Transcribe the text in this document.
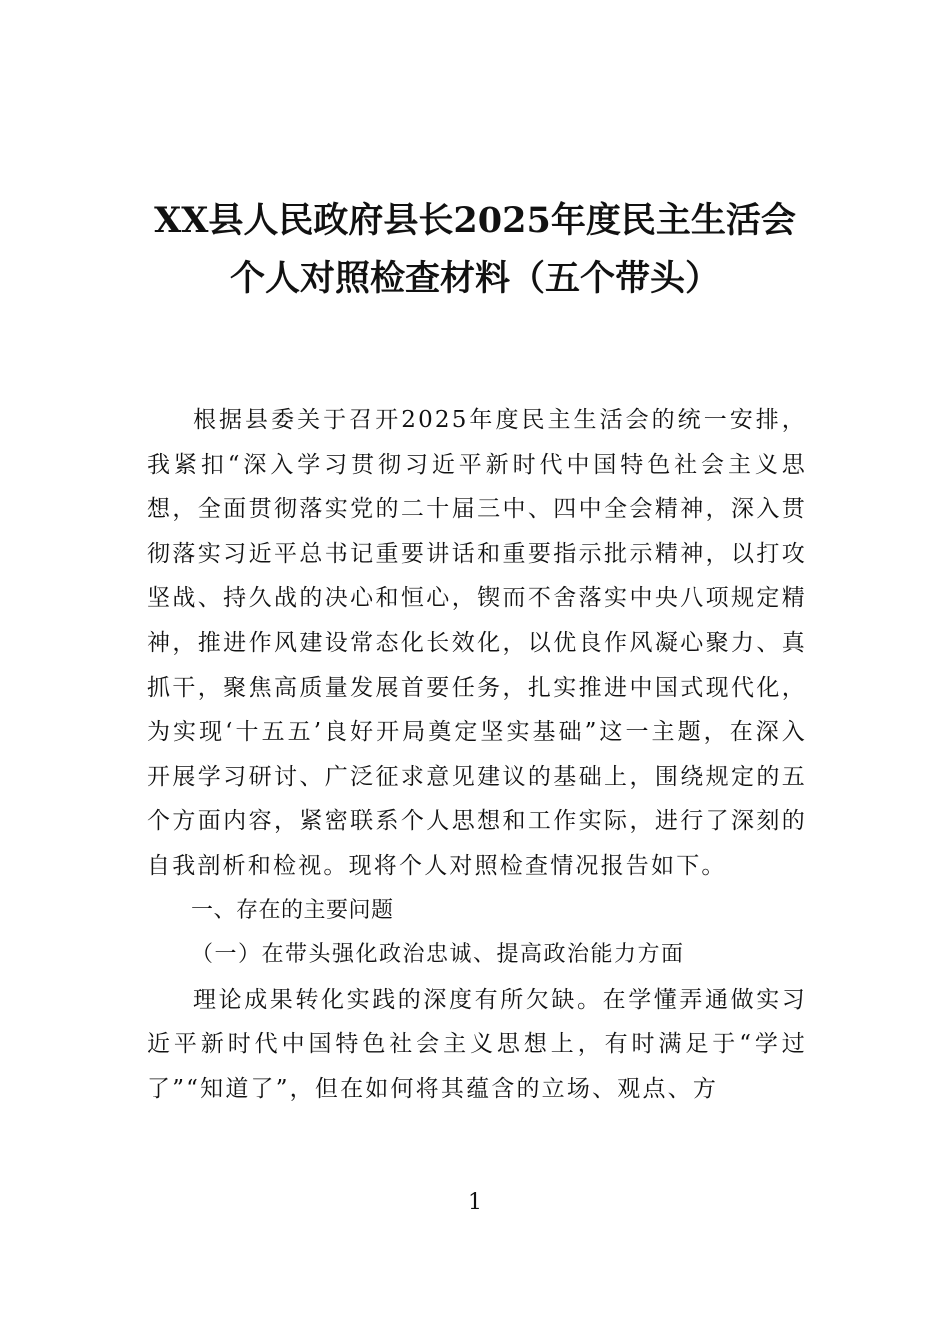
XX县人民政府县长2025年度民主生活会
个人对照检查材料（五个带头）

根据县委关于召开2025年度民主生活会的统一安排，我紧扣“深入学习贯彻习近平新时代中国特色社会主义思想，全面贯彻落实党的二十届三中、四中全会精神，深入贯彻落实习近平总书记重要讲话和重要指示批示精神，以打攻坚战、持久战的决心和恒心，锲而不舍落实中央八项规定精神，推进作风建设常态化长效化，以优良作风凝心聚力、真抓干，聚焦高质量发展首要任务，扎实推进中国式现代化，为实现‘十五五’良好开局奠定坚实基础”这一主题，在深入开展学习研讨、广泛征求意见建议的基础上，围绕规定的五个方面内容，紧密联系个人思想和工作实际，进行了深刻的自我剖析和检视。现将个人对照检查情况报告如下。

一、存在的主要问题

（一）在带头强化政治忠诚、提高政治能力方面

理论成果转化实践的深度有所欠缺。在学懂弄通做实习近平新时代中国特色社会主义思想上，有时满足于“学过了”“知道了”，但在如何将其蕴含的立场、观点、方

1
